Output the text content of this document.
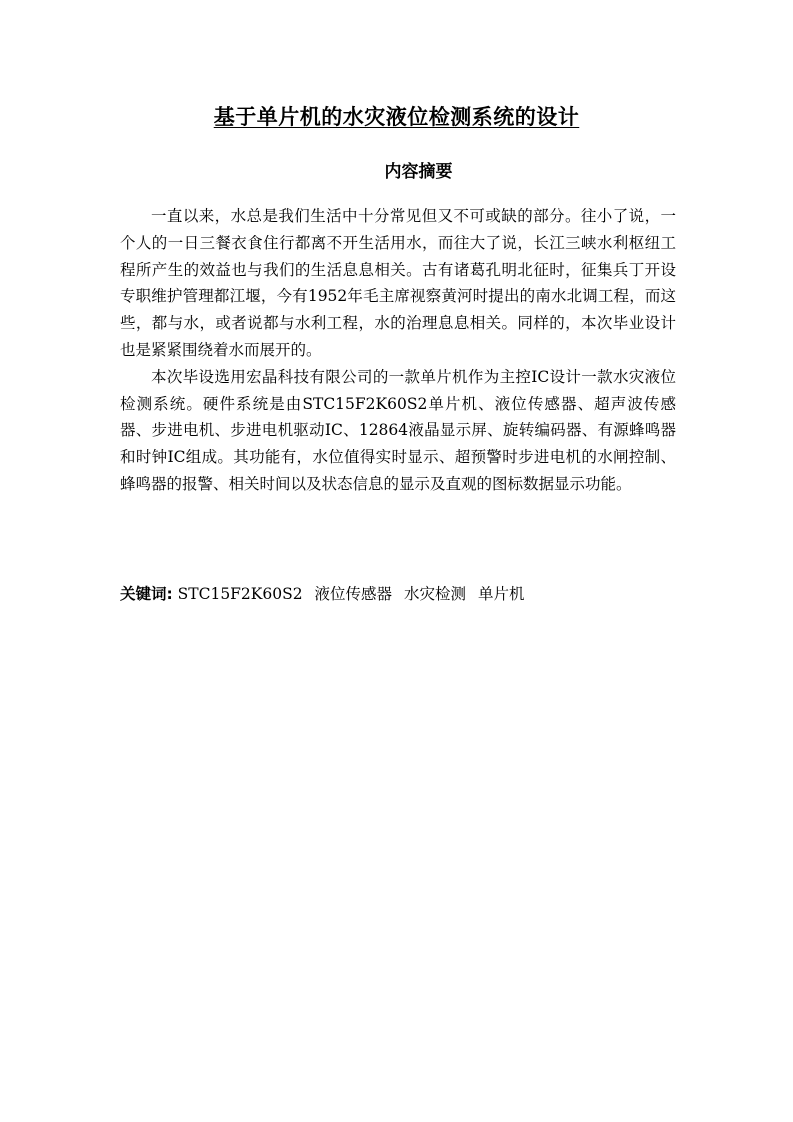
基于单片机的水灾液位检测系统的设计
内容摘要

一直以来，水总是我们生活中十分常见但又不可或缺的部分。往小了说，一个人的一日三餐衣食住行都离不开生活用水，而往大了说，长江三峡水利枢纽工程所产生的效益也与我们的生活息息相关。古有诸葛孔明北征时，征集兵丁开设专职维护管理都江堰，今有1952年毛主席视察黄河时提出的南水北调工程，而这些，都与水，或者说都与水利工程，水的治理息息相关。同样的，本次毕业设计也是紧紧围绕着水而展开的。

本次毕设选用宏晶科技有限公司的一款单片机作为主控IC设计一款水灾液位检测系统。硬件系统是由STC15F2K60S2单片机、液位传感器、超声波传感器、步进电机、步进电机驱动IC、12864液晶显示屏、旋转编码器、有源蜂鸣器和时钟IC组成。其功能有，水位值得实时显示、超预警时步进电机的水闸控制、蜂鸣器的报警、相关时间以及状态信息的显示及直观的图标数据显示功能。

关键词: STC15F2K60S2 液位传感器 水灾检测 单片机
